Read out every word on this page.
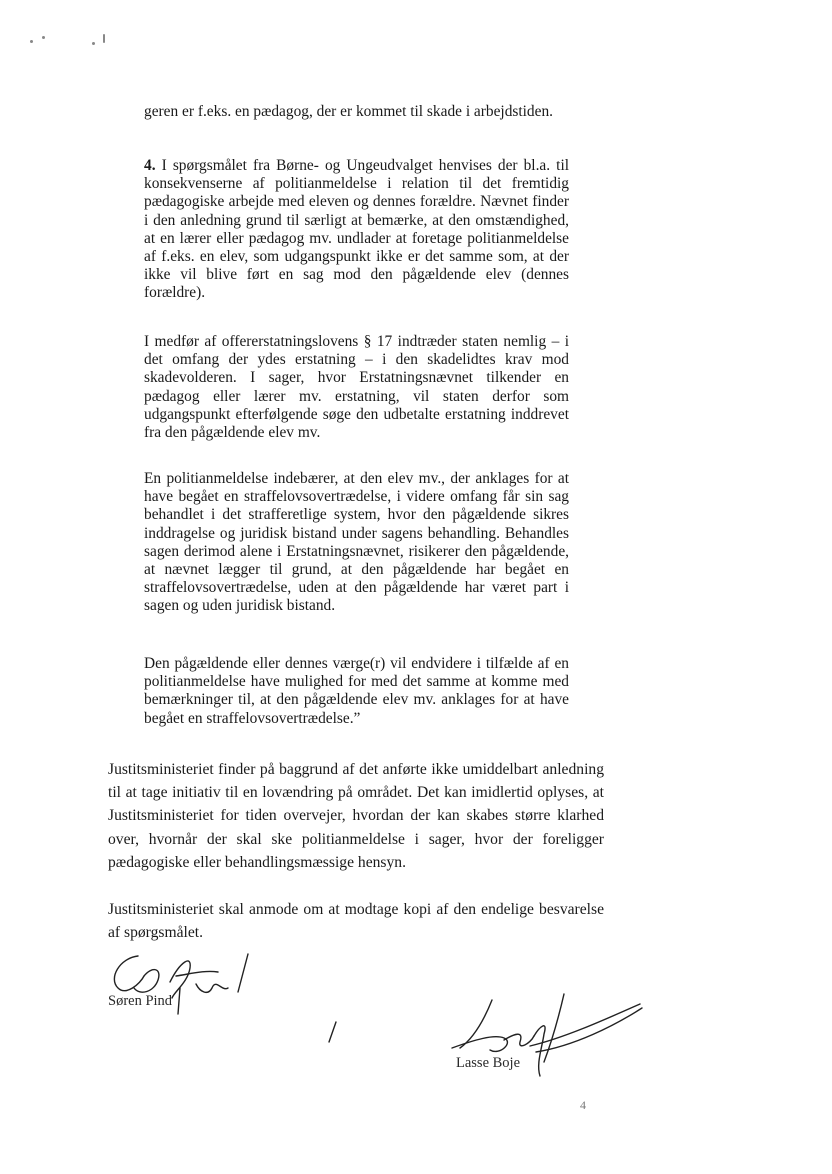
geren er f.eks. en pædagog, der er kommet til skade i arbejdstiden.

4. I spørgsmålet fra Børne- og Ungeudvalget henvises der bl.a. til konsekvenserne af politianmeldelse i relation til det fremtidig pædagogiske arbejde med eleven og dennes forældre. Nævnet finder i den anledning grund til særligt at bemærke, at den omstændighed, at en lærer eller pædagog mv. undlader at foretage politianmeldelse af f.eks. en elev, som udgangspunkt ikke er det samme som, at der ikke vil blive ført en sag mod den pågældende elev (dennes forældre).

I medfør af offererstatningslovens § 17 indtræder staten nemlig – i det omfang der ydes erstatning – i den skadelidtes krav mod skadevolderen. I sager, hvor Erstatningsnævnet tilkender en pædagog eller lærer mv. erstatning, vil staten derfor som udgangspunkt efterfølgende søge den udbetalte erstatning inddrevet fra den pågældende elev mv.

En politianmeldelse indebærer, at den elev mv., der anklages for at have begået en straffelovsovertrædelse, i videre omfang får sin sag behandlet i det strafferetlige system, hvor den pågældende sikres inddragelse og juridisk bistand under sagens behandling. Behandles sagen derimod alene i Erstatningsnævnet, risikerer den pågældende, at nævnet lægger til grund, at den pågældende har begået en straffelovsovertrædelse, uden at den pågældende har været part i sagen og uden juridisk bistand.

Den pågældende eller dennes værge(r) vil endvidere i tilfælde af en politianmeldelse have mulighed for med det samme at komme med bemærkninger til, at den pågældende elev mv. anklages for at have begået en straffelovsovertrædelse.”

Justitsministeriet finder på baggrund af det anførte ikke umiddelbart anledning til at tage initiativ til en lovændring på området. Det kan imidlertid oplyses, at Justitsministeriet for tiden overvejer, hvordan der kan skabes større klarhed over, hvornår der skal ske politianmeldelse i sager, hvor der foreligger pædagogiske eller behandlingsmæssige hensyn.

Justitsministeriet skal anmode om at modtage kopi af den endelige besvarelse af spørgsmålet.

Søren Pind
Lasse Boje
4
